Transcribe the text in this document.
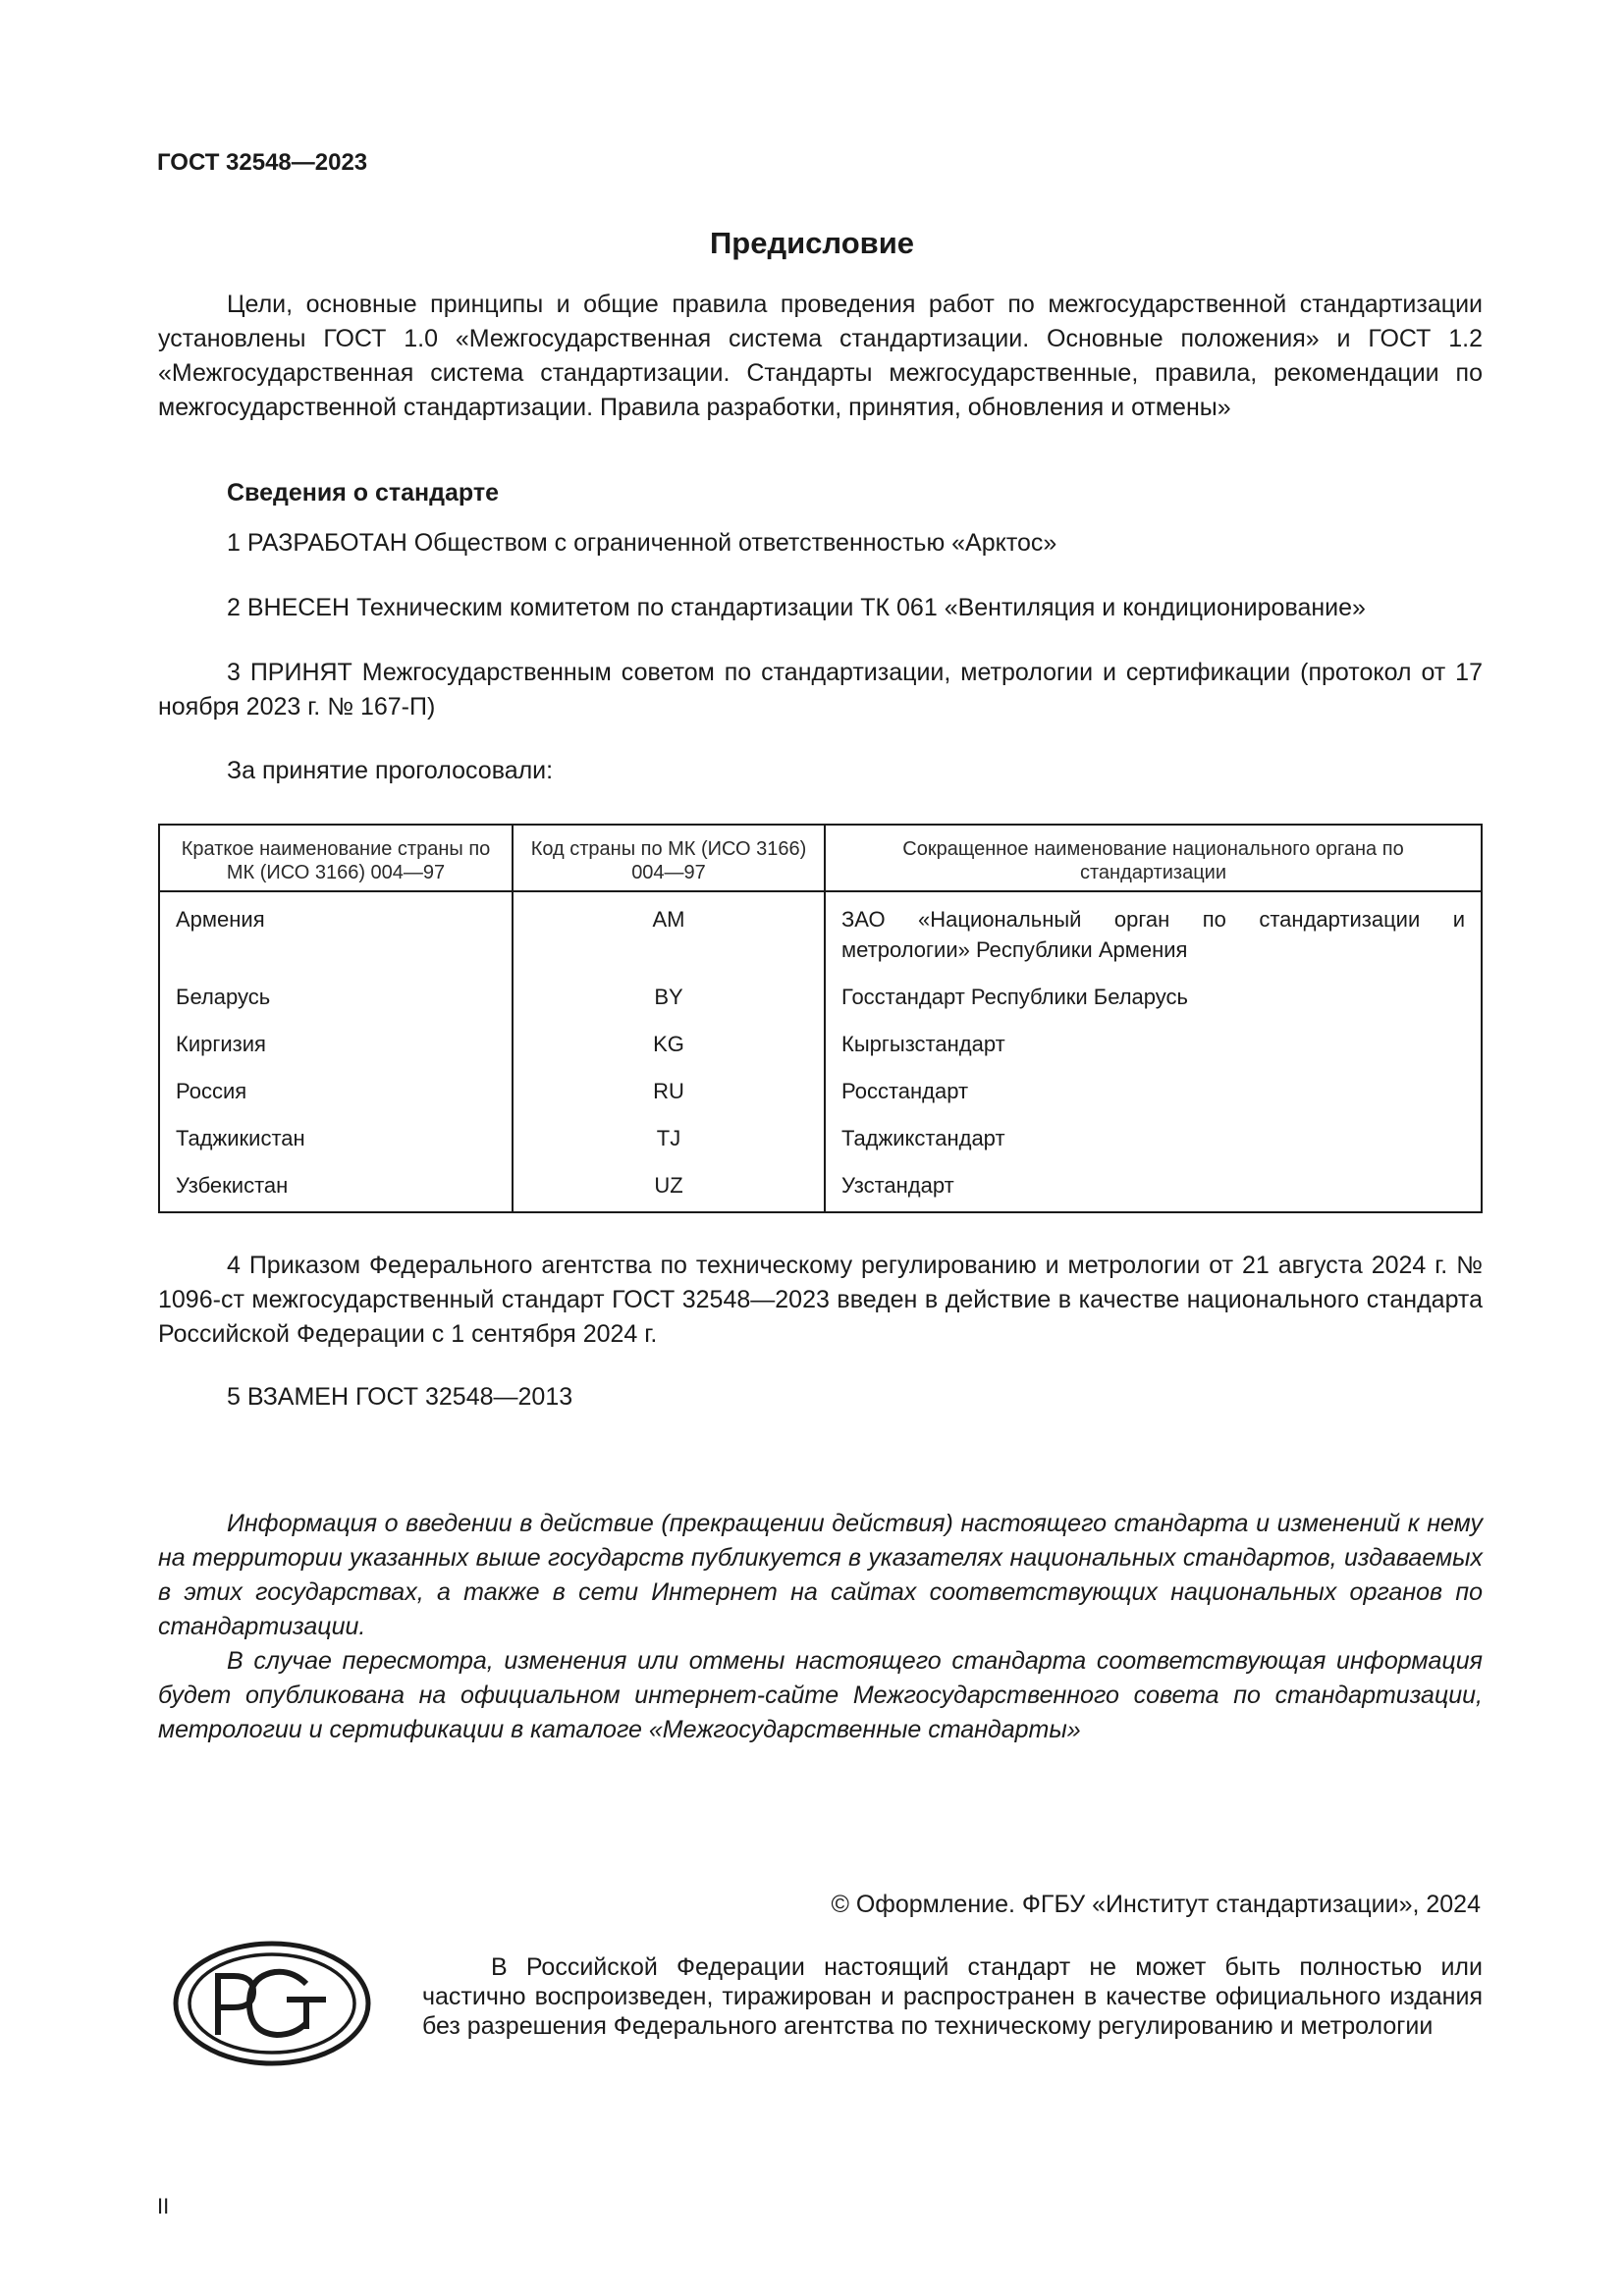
ГОСТ 32548—2023
Предисловие

Цели, основные принципы и общие правила проведения работ по межгосударственной стандартизации установлены ГОСТ 1.0 «Межгосударственная система стандартизации. Основные положения» и ГОСТ 1.2 «Межгосударственная система стандартизации. Стандарты межгосударственные, правила, рекомендации по межгосударственной стандартизации. Правила разработки, принятия, обновления и отмены»

Сведения о стандарте

1 РАЗРАБОТАН Обществом с ограниченной ответственностью «Арктос»

2 ВНЕСЕН Техническим комитетом по стандартизации ТК 061 «Вентиляция и кондиционирование»

3 ПРИНЯТ Межгосударственным советом по стандартизации, метрологии и сертификации (протокол от 17 ноября 2023 г. № 167-П)

За принятие проголосовали:

Краткое наименование страны по МК (ИСО 3166) 004—97	Код страны по МК (ИСО 3166) 004—97	Сокращенное наименование национального органа по стандартизации
Армения	AM	ЗАО «Национальный орган по стандартизации и метрологии» Республики Армения
Беларусь	BY	Госстандарт Республики Беларусь
Киргизия	KG	Кыргызстандарт
Россия	RU	Росстандарт
Таджикистан	TJ	Таджикстандарт
Узбекистан	UZ	Узстандарт

4 Приказом Федерального агентства по техническому регулированию и метрологии от 21 августа 2024 г. № 1096-ст межгосударственный стандарт ГОСТ 32548—2023 введен в действие в качестве национального стандарта Российской Федерации с 1 сентября 2024 г.

5 ВЗАМЕН ГОСТ 32548—2013

Информация о введении в действие (прекращении действия) настоящего стандарта и изменений к нему на территории указанных выше государств публикуется в указателях национальных стандартов, издаваемых в этих государствах, а также в сети Интернет на сайтах соответствующих национальных органов по стандартизации.

В случае пересмотра, изменения или отмены настоящего стандарта соответствующая информация будет опубликована на официальном интернет-сайте Межгосударственного совета по стандартизации, метрологии и сертификации в каталоге «Межгосударственные стандарты»

© Оформление. ФГБУ «Институт стандартизации», 2024

В Российской Федерации настоящий стандарт не может быть полностью или частично воспроизведен, тиражирован и распространен в качестве официального издания без разрешения Федерального агентства по техническому регулированию и метрологии

II
